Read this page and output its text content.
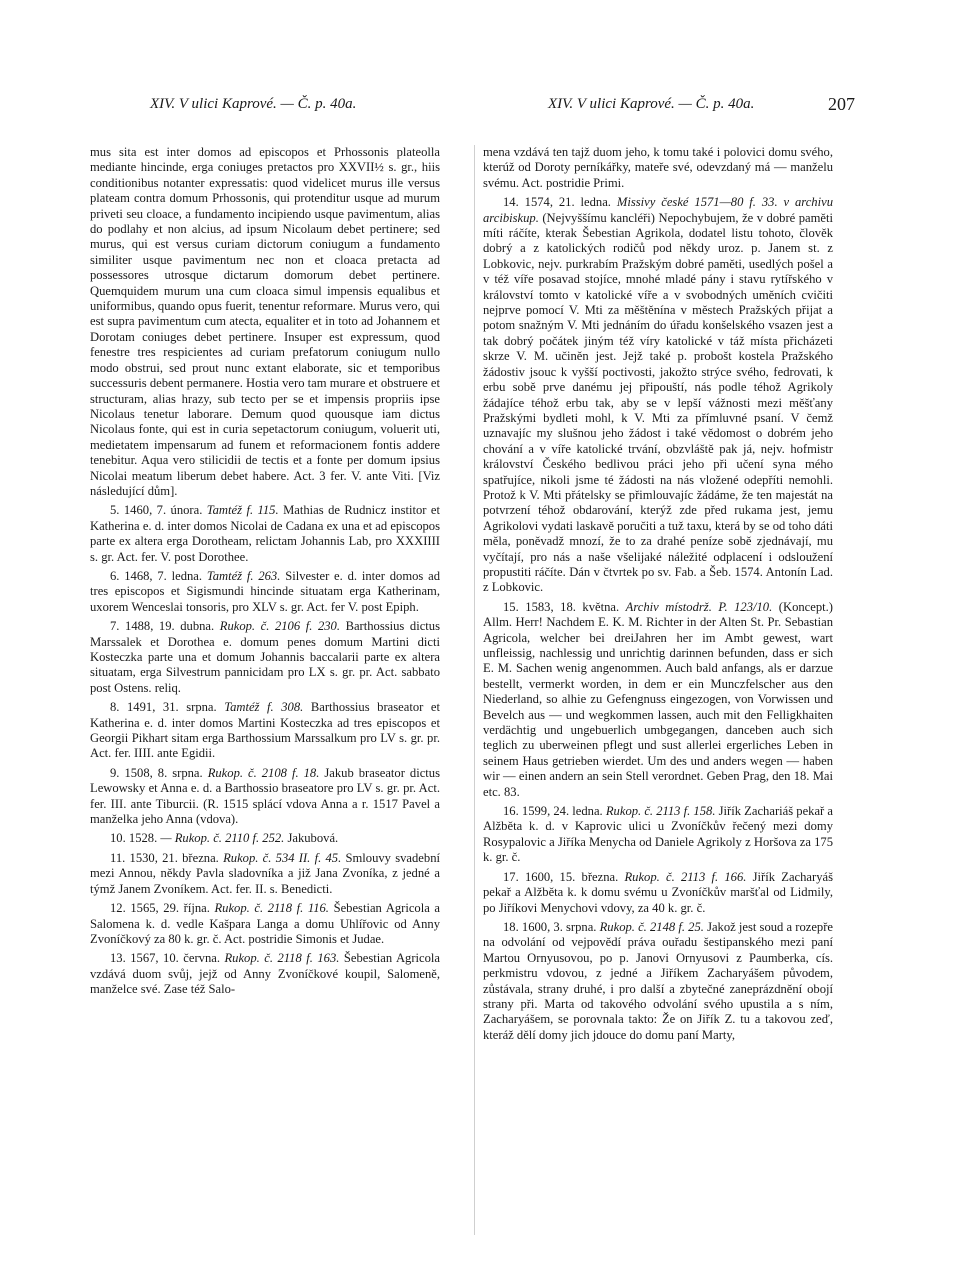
XIV. V ulici Kaprové. — Č. p. 40a.	XIV. V ulici Kaprové. — Č. p. 40a.	207

mus sita est inter domos ad episcopos et Prhossonis plateolla mediante hincinde, erga coniuges pretactos pro XXVII½ s. gr., hiis conditionibus notanter expressatis: quod videlicet murus ille versus plateam contra domum Prhossonis, qui protenditur usque ad murum priveti seu cloace, a fundamento incipiendo usque pavimentum, alias do podlahy et non alcius, ad ipsum Nicolaum debet pertinere; sed murus, qui est versus curiam dictorum coniugum a fundamento similiter usque pavimentum nec non et cloaca pretacta ad possessores utrosque dictarum domorum debet pertinere. Quemquidem murum una cum cloaca simul impensis equalibus et uniformibus, quando opus fuerit, tenentur reformare. Murus vero, qui est supra pavimentum cum atecta, equaliter et in toto ad Johannem et Dorotam coniuges debet pertinere. Insuper est expressum, quod fenestre tres respicientes ad curiam prefatorum coniugum nullo modo obstrui, sed prout nunc extant elaborate, sic et temporibus successuris debent permanere. Hostia vero tam murare et obstruere et structuram, alias hrazy, sub tecto per se et impensis propriis ipse Nicolaus tenetur laborare. Demum quod quousque iam dictus Nicolaus fonte, qui est in curia sepetactorum coniugum, voluerit uti, medietatem impensarum ad funem et reformacionem fontis addere tenebitur. Aqua vero stilicidii de tectis et a fonte per domum ipsius Nicolai meatum liberum debet habere. Act. 3 fer. V. ante Viti. [Viz následující dům].

5. 1460, 7. února. Tamtéž f. 115. Mathias de Rudnicz institor et Katherina e. d. inter domos Nicolai de Cadana ex una et ad episcopos parte ex altera erga Dorotheam, relictam Johannis Lab, pro XXXIIII s. gr. Act. fer. V. post Dorothee.

6. 1468, 7. ledna. Tamtéž f. 263. Silvester e. d. inter domos ad tres episcopos et Sigismundi hincinde situatam erga Katherinam, uxorem Wenceslai tonsoris, pro XLV s. gr. Act. fer V. post Epiph.

7. 1488, 19. dubna. Rukop. č. 2106 f. 230. Barthossius dictus Marssalek et Dorothea e. domum penes domum Martini dicti Kosteczka parte una et domum Johannis baccalarii parte ex altera situatam, erga Silvestrum pannicidam pro LX s. gr. pr. Act. sabbato post Ostens. reliq.

8. 1491, 31. srpna. Tamtéž f. 308. Barthossius braseator et Katherina e. d. inter domos Martini Kosteczka ad tres episcopos et Georgii Pikhart sitam erga Barthossium Marssalkum pro LV s. gr. pr. Act. fer. IIII. ante Egidii.

9. 1508, 8. srpna. Rukop. č. 2108 f. 18. Jakub braseator dictus Lewowsky et Anna e. d. a Barthossio braseatore pro LV s. gr. pr. Act. fer. III. ante Tiburcii. (R. 1515 splácí vdova Anna a r. 1517 Pavel a manželka jeho Anna (vdova).

10. 1528. — Rukop. č. 2110 f. 252. Jakubová.

11. 1530, 21. března. Rukop. č. 534 II. f. 45. Smlouvy svadební mezi Annou, někdy Pavla sladovníka a již Jana Zvoníka, z jedné a týmž Janem Zvoníkem. Act. fer. II. s. Benedicti.

12. 1565, 29. října. Rukop. č. 2118 f. 116. Šebestian Agricola a Salomena k. d. vedle Kašpara Langa a domu Uhlířovic od Anny Zvoníčkový za 80 k. gr. č. Act. postridie Simonis et Judae.

13. 1567, 10. června. Rukop. č. 2118 f. 163. Šebestian Agricola vzdává duom svůj, jejž od Anny Zvoníčkové koupil, Salomeně, manželce své. Zase též Salo-

mena vzdává ten tajž duom jeho, k tomu také i polovici domu svého, kterúž od Doroty perníkářky, mateře své, odevzdaný má — manželu svému. Act. postridie Primi.

14. 1574, 21. ledna. Missivy české 1571—80 f. 33. v archivu arcibiskup. (Nejvyššímu kancléři) Nepochybujem, že v dobré paměti míti ráčíte, kterak Šebestian Agrikola, dodatel listu tohoto, člověk dobrý a z katolických rodičů pod někdy uroz. p. Janem st. z Lobkovic, nejv. purkrabím Pražským dobré paměti, usedlých pošel a v též víře posavad stojíce, mnohé mladé pány i stavu rytířského v království tomto v katolické víře a v svobodných uměních cvičiti nejprve pomocí V. Mti za měštěnína v městech Pražských přijat a potom snažným V. Mti jednáním do úřadu konšelského vsazen jest a tak dobrý počátek jiným též víry katolické v táž místa přicházeti skrze V. M. učiněn jest. Jejž také p. probošt kostela Pražského žádostiv jsouc k vyšší poctivosti, jakožto strýce svého, fedrovati, k erbu sobě prve danému jej připouští, nás podle téhož Agrikoly žádajíce téhož erbu tak, aby se v lepší vážnosti mezi měšťany Pražskými bydleti mohl, k V. Mti za přímluvné psaní. V čemž uznavajíc my slušnou jeho žádost i také vědomost o dobrém jeho chování a v víře katolické trvání, obzvláště pak já, nejv. hofmistr království Českého bedlivou práci jeho při učení syna mého spatřujíce, nikoli jsme té žádosti na nás vložené odepříti nemohli. Protož k V. Mti přátelsky se přimlouvajíc žádáme, že ten majestát na potvrzení téhož obdarování, kterýž zde před rukama jest, jemu Agrikolovi vydati laskavě poručiti a tuž taxu, která by se od toho dáti měla, poněvadž mnozí, že to za drahé peníze sobě zjednávají, mu vyčítají, pro nás a naše všelijaké náležité odplacení i odsloužení propustiti ráčíte. Dán v čtvrtek po sv. Fab. a Šeb. 1574. Antonín Lad. z Lobkovic.

15. 1583, 18. května. Archiv místodrž. P. 123/10. (Koncept.) Allm. Herr! Nachdem E. K. M. Richter in der Alten St. Pr. Sebastian Agricola, welcher bei dreiJahren her im Ambt gewest, wart unfleissig, nachlessig und unrichtig darinnen befunden, dass er sich E. M. Sachen wenig angenommen. Auch bald anfangs, als er darzue bestellt, vermerkt worden, in dem er ein Munczfelscher aus den Niederland, so alhie zu Gefengnuss eingezogen, von Vorwissen und Bevelch aus — und wegkommen lassen, auch mit den Felligkhaiten verdächtig und ungebuerlich umbgegangen, danceben auch sich teglich zu uberweinen pflegt und sust allerlei ergerliches Leben in seinem Haus getrieben wierdet. Um des und anders wegen — haben wir — einen andern an sein Stell verordnet. Geben Prag, den 18. Mai etc. 83.

16. 1599, 24. ledna. Rukop. č. 2113 f. 158. Jiřík Zachariáš pekař a Alžběta k. d. v Kaprovic ulici u Zvoníčkův řečený mezi domy Rosypalovic a Jiříka Menycha od Daniele Agrikoly z Horšova za 175 k. gr. č.

17. 1600, 15. března. Rukop. č. 2113 f. 166. Jiřík Zacharyáš pekař a Alžběta k. k domu svému u Zvoníčkův maršťal od Lidmily, po Jiříkovi Menychovi vdovy, za 40 k. gr. č.

18. 1600, 3. srpna. Rukop. č. 2148 f. 25. Jakož jest soud a rozepře na odvolání od vejpovědí práva ouřadu šestipanského mezi paní Martou Ornyusovou, po p. Janovi Ornyusovi z Paumberka, cís. perkmistru vdovou, z jedné a Jiříkem Zacharyášem původem, zůstávala, strany druhé, i pro další a zbytečné zaneprázdnění obojí strany při. Marta od takového odvolání svého upustila a s ním, Zacharyášem, se porovnala takto: Že on Jiřík Z. tu a takovou zeď, kteráž dělí domy jich jdouce do domu paní Marty,
